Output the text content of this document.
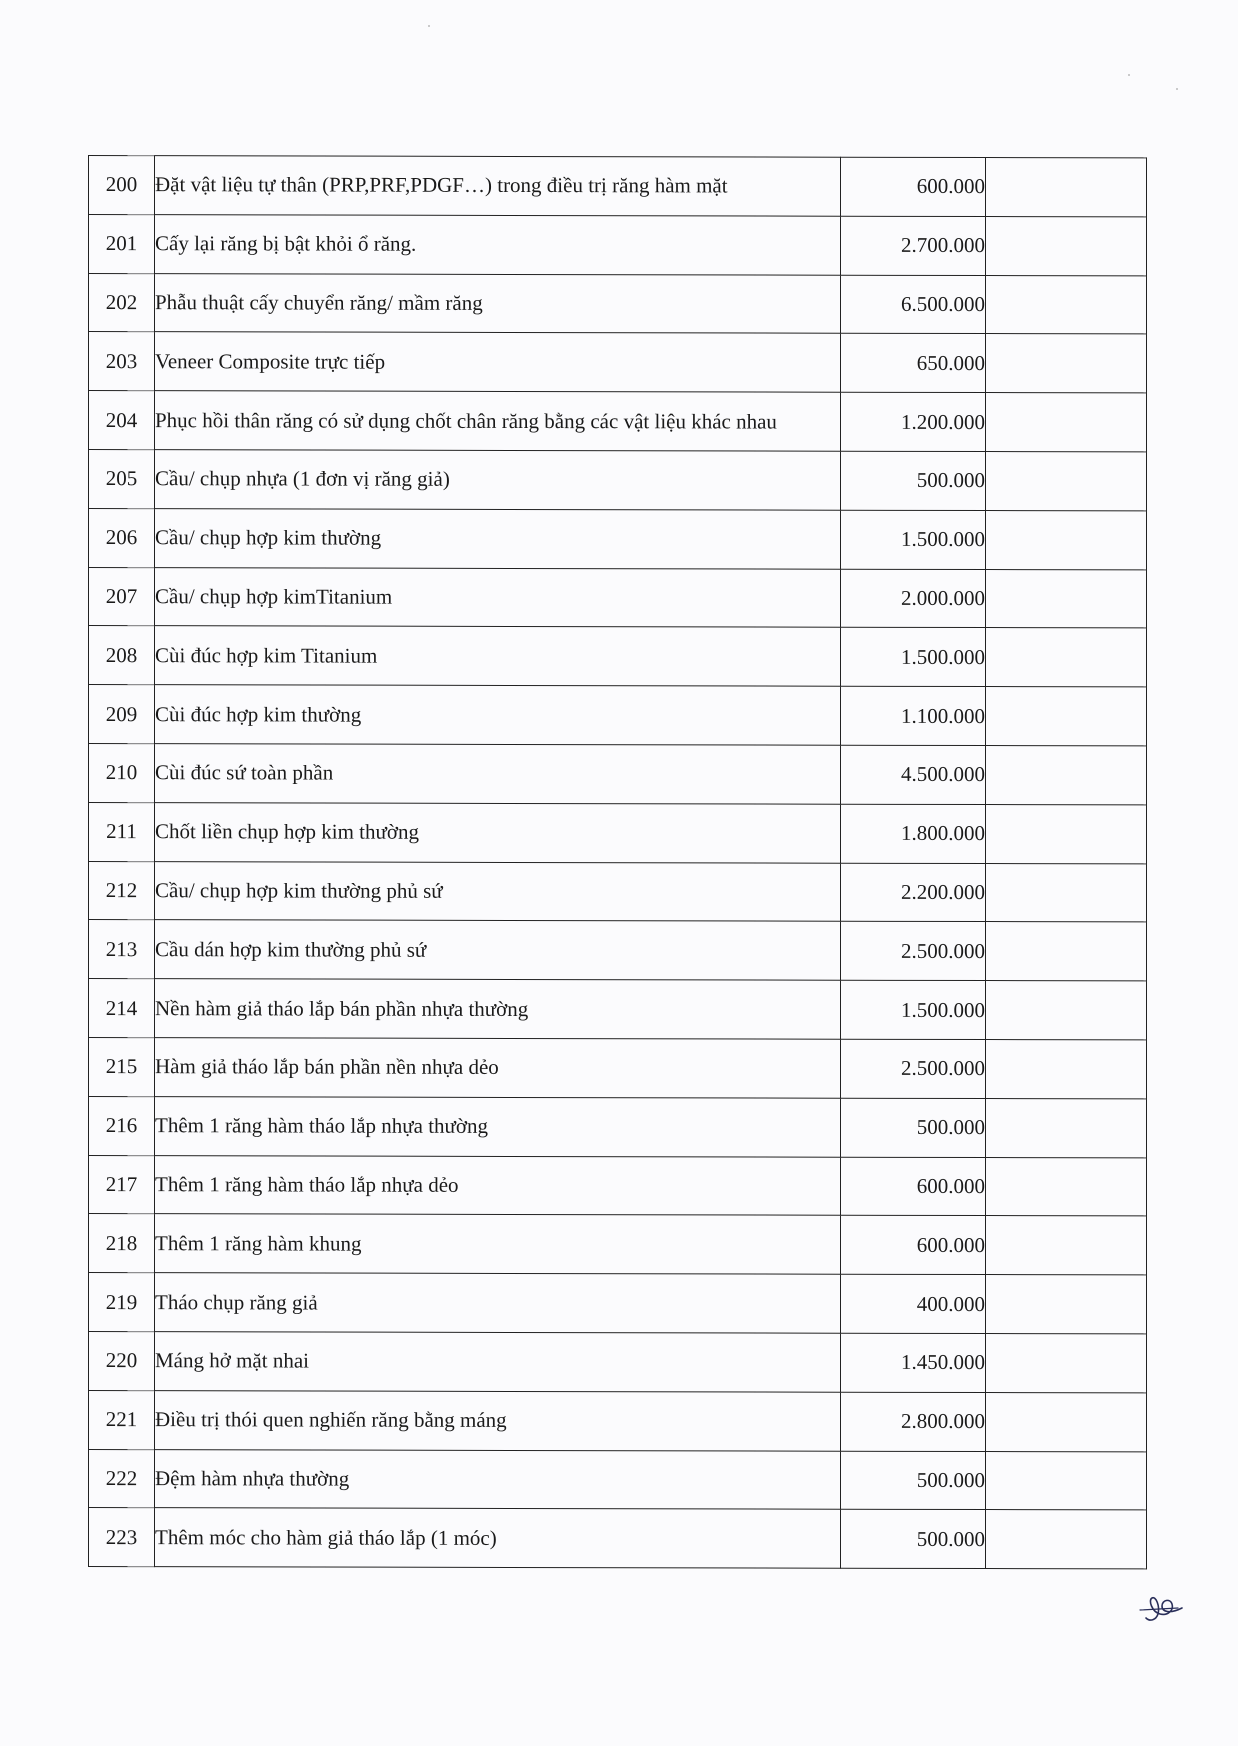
200	Đặt vật liệu tự thân (PRP,PRF,PDGF…) trong điều trị răng hàm mặt	600.000	
201	Cấy lại răng bị bật khỏi ổ răng.	2.700.000	
202	Phẫu thuật cấy chuyển răng/ mầm răng	6.500.000	
203	Veneer Composite trực tiếp	650.000	
204	Phục hồi thân răng có sử dụng chốt chân răng bằng các vật liệu khác nhau	1.200.000	
205	Cầu/ chụp nhựa (1 đơn vị răng giả)	500.000	
206	Cầu/ chụp hợp kim thường	1.500.000	
207	Cầu/ chụp hợp kimTitanium	2.000.000	
208	Cùi đúc hợp kim Titanium	1.500.000	
209	Cùi đúc hợp kim thường	1.100.000	
210	Cùi đúc sứ toàn phần	4.500.000	
211	Chốt liền chụp hợp kim thường	1.800.000	
212	Cầu/ chụp hợp kim thường phủ sứ	2.200.000	
213	Cầu dán hợp kim thường phủ sứ	2.500.000	
214	Nền hàm giả tháo lắp bán phần nhựa thường	1.500.000	
215	Hàm giả tháo lắp bán phần nền nhựa dẻo	2.500.000	
216	Thêm 1 răng hàm tháo lắp nhựa thường	500.000	
217	Thêm 1 răng hàm tháo lắp nhựa dẻo	600.000	
218	Thêm 1 răng hàm khung	600.000	
219	Tháo chụp răng giả	400.000	
220	Máng hở mặt nhai	1.450.000	
221	Điều trị thói quen nghiến răng bằng máng	2.800.000	
222	Đệm hàm nhựa thường	500.000	
223	Thêm móc cho hàm giả tháo lắp (1 móc)	500.000	
